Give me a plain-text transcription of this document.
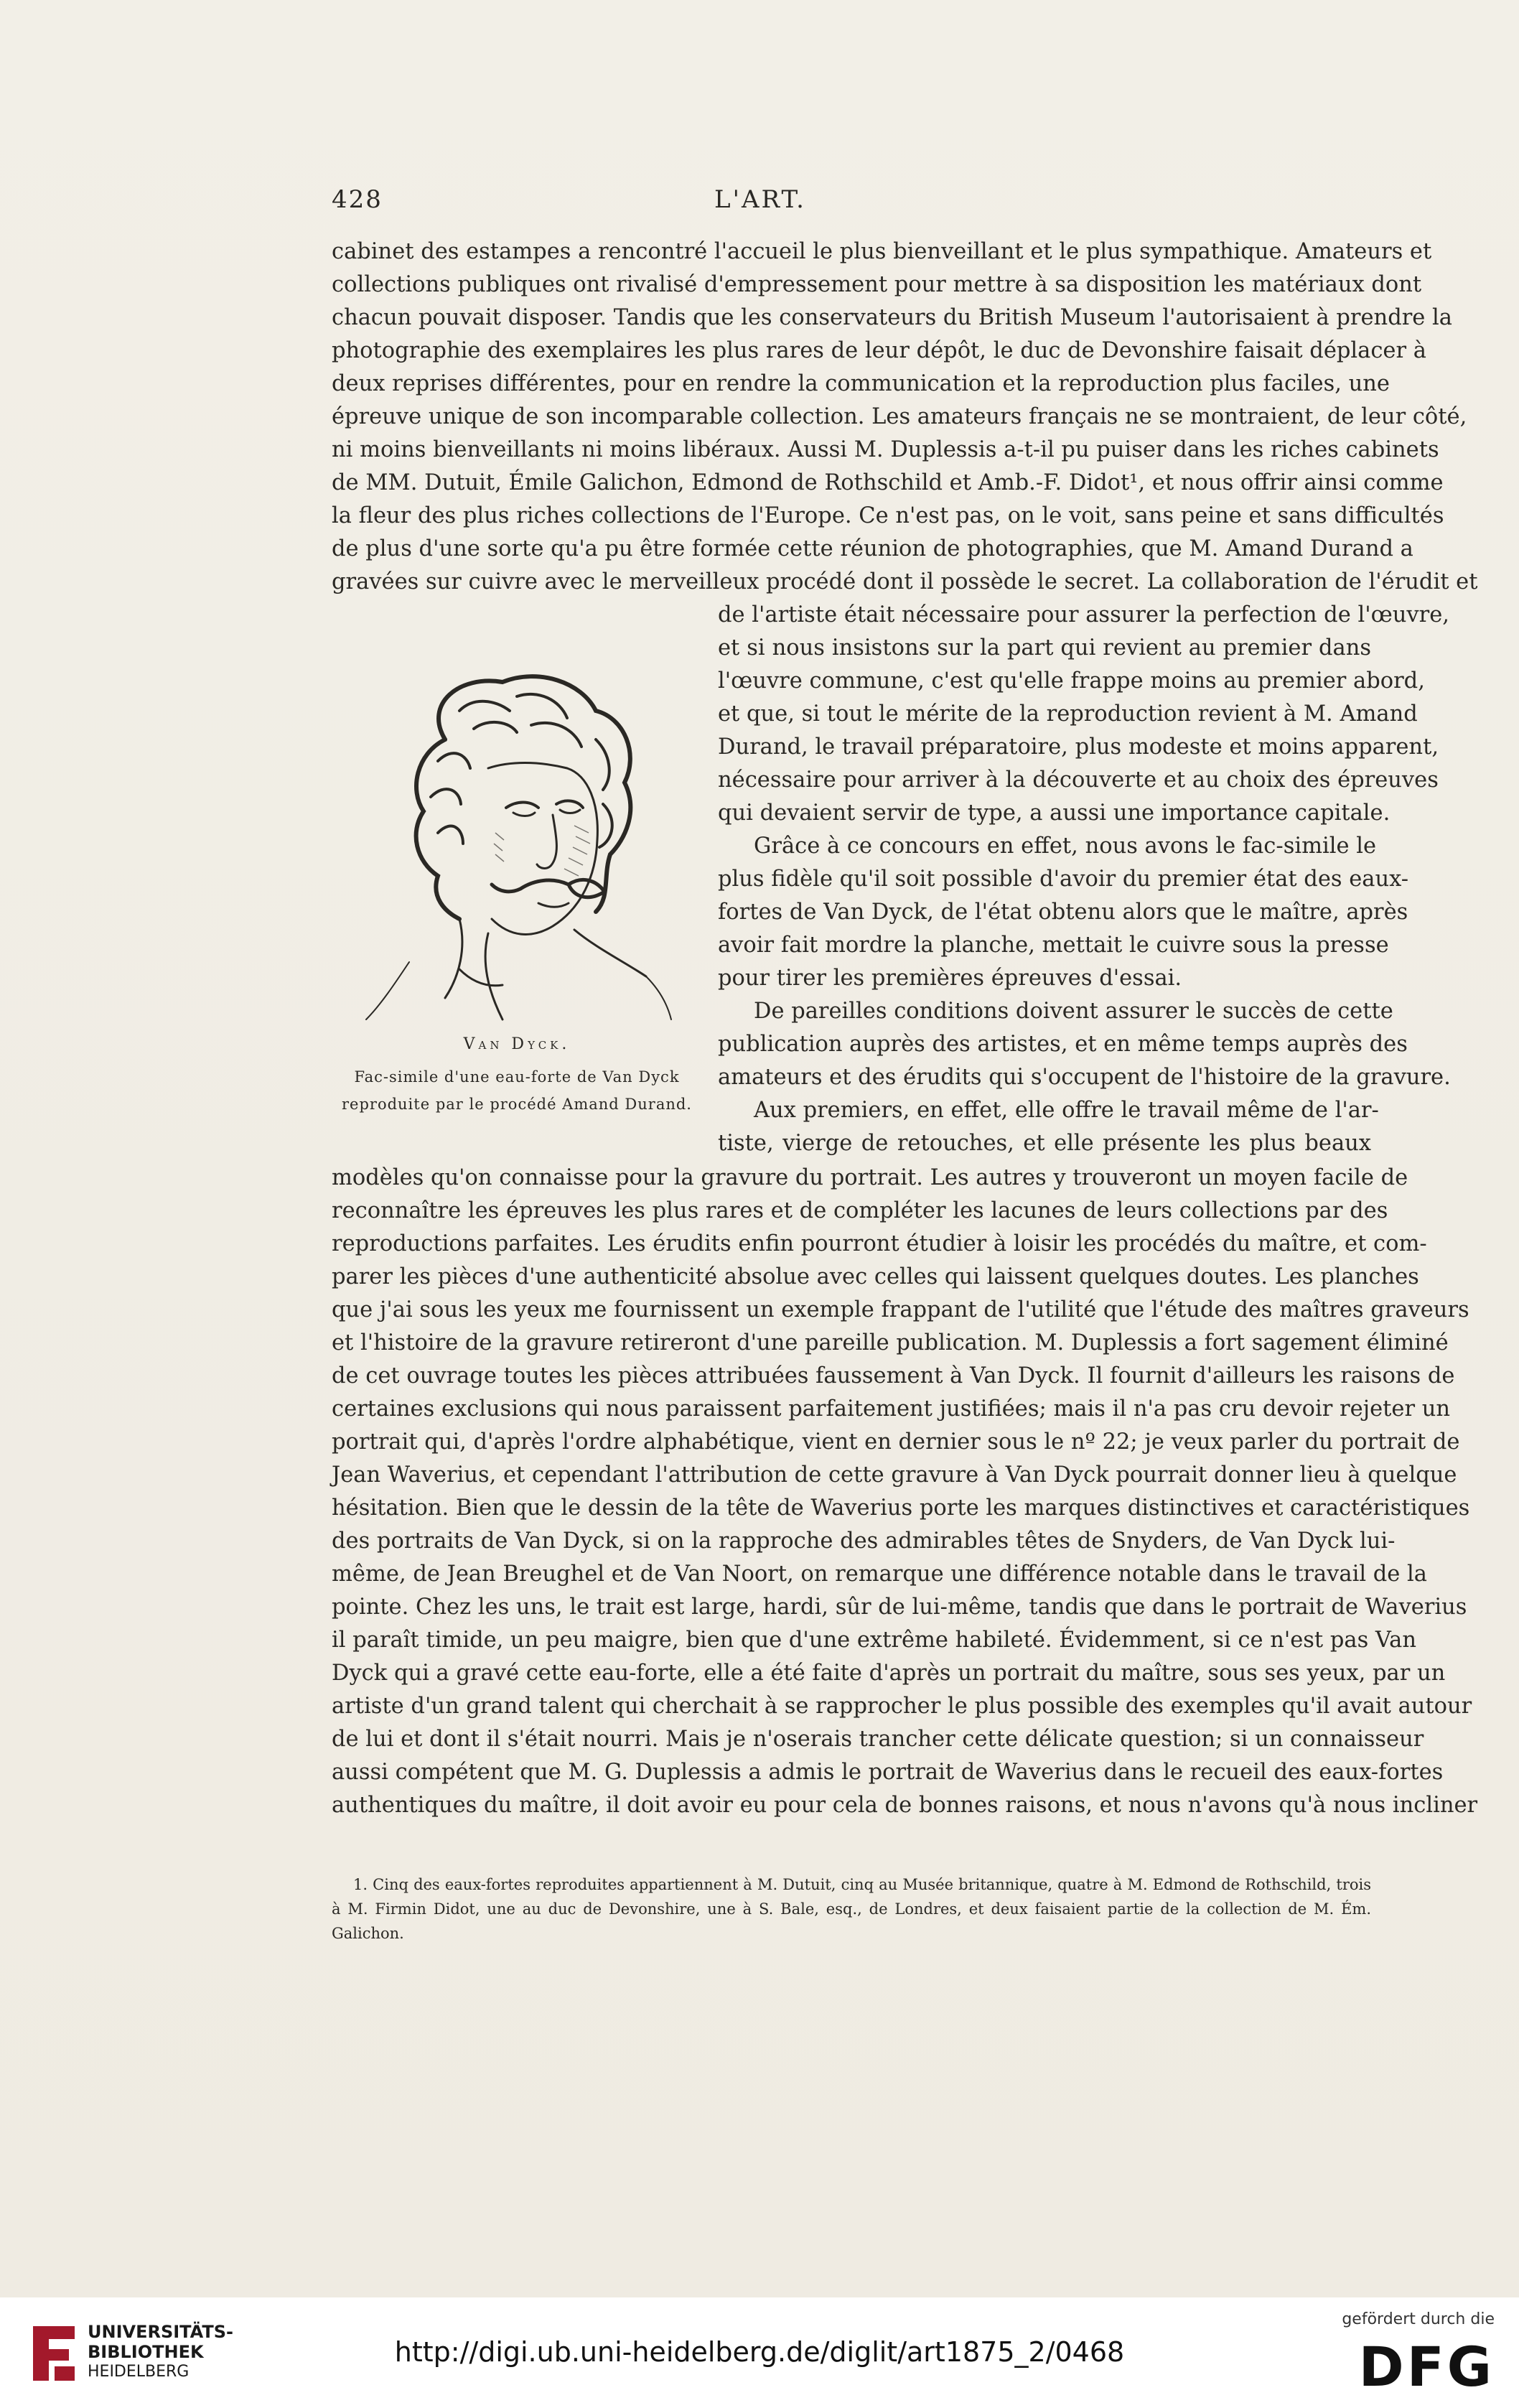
428	L'ART.
cabinet des estampes a rencontré l'accueil le plus bienveillant et le plus sympathique. Amateurs et
collections publiques ont rivalisé d'empressement pour mettre à sa disposition les matériaux dont
chacun pouvait disposer. Tandis que les conservateurs du British Museum l'autorisaient à prendre la
photographie des exemplaires les plus rares de leur dépôt, le duc de Devonshire faisait déplacer à
deux reprises différentes, pour en rendre la communication et la reproduction plus faciles, une
épreuve unique de son incomparable collection. Les amateurs français ne se montraient, de leur côté,
ni moins bienveillants ni moins libéraux. Aussi M. Duplessis a-t-il pu puiser dans les riches cabinets
de MM. Dutuit, Émile Galichon, Edmond de Rothschild et Amb.-F. Didot¹, et nous offrir ainsi comme
la fleur des plus riches collections de l'Europe. Ce n'est pas, on le voit, sans peine et sans difficultés
de plus d'une sorte qu'a pu être formée cette réunion de photographies, que M. Amand Durand a
gravées sur cuivre avec le merveilleux procédé dont il possède le secret. La collaboration de l'érudit et
Van Dyck.
Fac-simile d'une eau-forte de Van Dyck
reproduite par le procédé Amand Durand.
de l'artiste était nécessaire pour assurer la perfection de l'œuvre,
et si nous insistons sur la part qui revient au premier dans
l'œuvre commune, c'est qu'elle frappe moins au premier abord,
et que, si tout le mérite de la reproduction revient à M. Amand
Durand, le travail préparatoire, plus modeste et moins apparent,
nécessaire pour arriver à la découverte et au choix des épreuves
qui devaient servir de type, a aussi une importance capitale.
Grâce à ce concours en effet, nous avons le fac-simile le
plus fidèle qu'il soit possible d'avoir du premier état des eaux-
fortes de Van Dyck, de l'état obtenu alors que le maître, après
avoir fait mordre la planche, mettait le cuivre sous la presse
pour tirer les premières épreuves d'essai.
De pareilles conditions doivent assurer le succès de cette
publication auprès des artistes, et en même temps auprès des
amateurs et des érudits qui s'occupent de l'histoire de la gravure.
Aux premiers, en effet, elle offre le travail même de l'ar-
tiste, vierge de retouches, et elle présente les plus beaux
modèles qu'on connaisse pour la gravure du portrait. Les autres y trouveront un moyen facile de
reconnaître les épreuves les plus rares et de compléter les lacunes de leurs collections par des
reproductions parfaites. Les érudits enfin pourront étudier à loisir les procédés du maître, et com-
parer les pièces d'une authenticité absolue avec celles qui laissent quelques doutes. Les planches
que j'ai sous les yeux me fournissent un exemple frappant de l'utilité que l'étude des maîtres graveurs
et l'histoire de la gravure retireront d'une pareille publication. M. Duplessis a fort sagement éliminé
de cet ouvrage toutes les pièces attribuées faussement à Van Dyck. Il fournit d'ailleurs les raisons de
certaines exclusions qui nous paraissent parfaitement justifiées; mais il n'a pas cru devoir rejeter un
portrait qui, d'après l'ordre alphabétique, vient en dernier sous le nº 22; je veux parler du portrait de
Jean Waverius, et cependant l'attribution de cette gravure à Van Dyck pourrait donner lieu à quelque
hésitation. Bien que le dessin de la tête de Waverius porte les marques distinctives et caractéristiques
des portraits de Van Dyck, si on la rapproche des admirables têtes de Snyders, de Van Dyck lui-
même, de Jean Breughel et de Van Noort, on remarque une différence notable dans le travail de la
pointe. Chez les uns, le trait est large, hardi, sûr de lui-même, tandis que dans le portrait de Waverius
il paraît timide, un peu maigre, bien que d'une extrême habileté. Évidemment, si ce n'est pas Van
Dyck qui a gravé cette eau-forte, elle a été faite d'après un portrait du maître, sous ses yeux, par un
artiste d'un grand talent qui cherchait à se rapprocher le plus possible des exemples qu'il avait autour
de lui et dont il s'était nourri. Mais je n'oserais trancher cette délicate question; si un connaisseur
aussi compétent que M. G. Duplessis a admis le portrait de Waverius dans le recueil des eaux-fortes
authentiques du maître, il doit avoir eu pour cela de bonnes raisons, et nous n'avons qu'à nous incliner
1. Cinq des eaux-fortes reproduites appartiennent à M. Dutuit, cinq au Musée britannique, quatre à M. Edmond de Rothschild, trois
à M. Firmin Didot, une au duc de Devonshire, une à S. Bale, esq., de Londres, et deux faisaient partie de la collection de M. Ém.
Galichon.
UNIVERSITÄTS-
BIBLIOTHEK
HEIDELBERG
http://digi.ub.uni-heidelberg.de/diglit/art1875_2/0468
gefördert durch die
DFG
